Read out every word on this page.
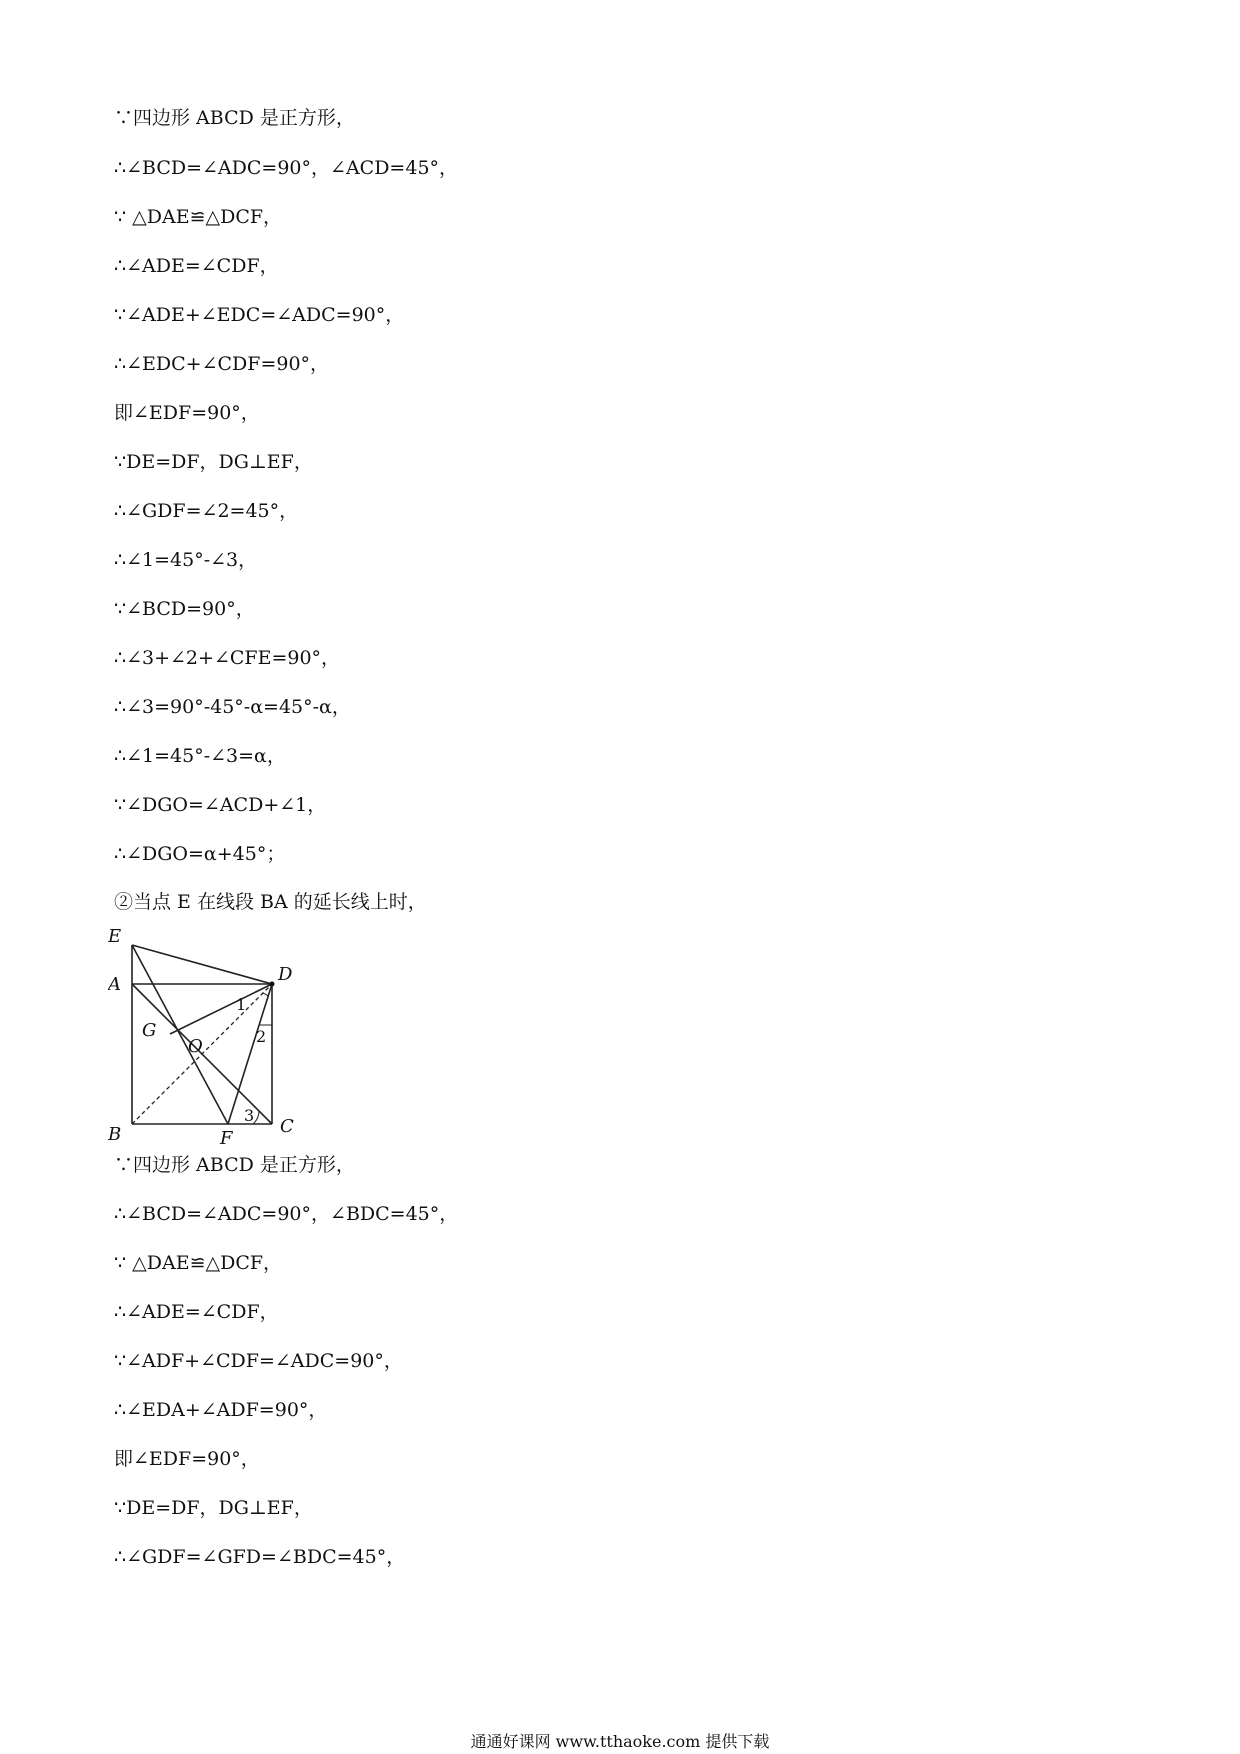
∵四边形 ABCD 是正方形，
∴∠BCD=∠ADC=90°，∠ACD=45°，
∵ △DAE≌△DCF，
∴∠ADE=∠CDF，
∵∠ADE+∠EDC=∠ADC=90°，
∴∠EDC+∠CDF=90°，
即∠EDF=90°，
∵DE=DF，DG⊥EF，
∴∠GDF=∠2=45°，
∴∠1=45°-∠3，
∵∠BCD=90°，
∴∠3+∠2+∠CFE=90°，
∴∠3=90°-45°-α=45°-α，
∴∠1=45°-∠3=α，
∵∠DGO=∠ACD+∠1，
∴∠DGO=α+45°；
②当点 E 在线段 BA 的延长线上时，
E
A	D
G
O
B	F
C
1
2
3
∵四边形 ABCD 是正方形，
∴∠BCD=∠ADC=90°，∠BDC=45°，
∵ △DAE≌△DCF，
∴∠ADE=∠CDF，
∵∠ADF+∠CDF=∠ADC=90°，
∴∠EDA+∠ADF=90°，
即∠EDF=90°，
∵DE=DF，DG⊥EF，
∴∠GDF=∠GFD=∠BDC=45°，
通通好课网 www.tthaoke.com 提供下载
